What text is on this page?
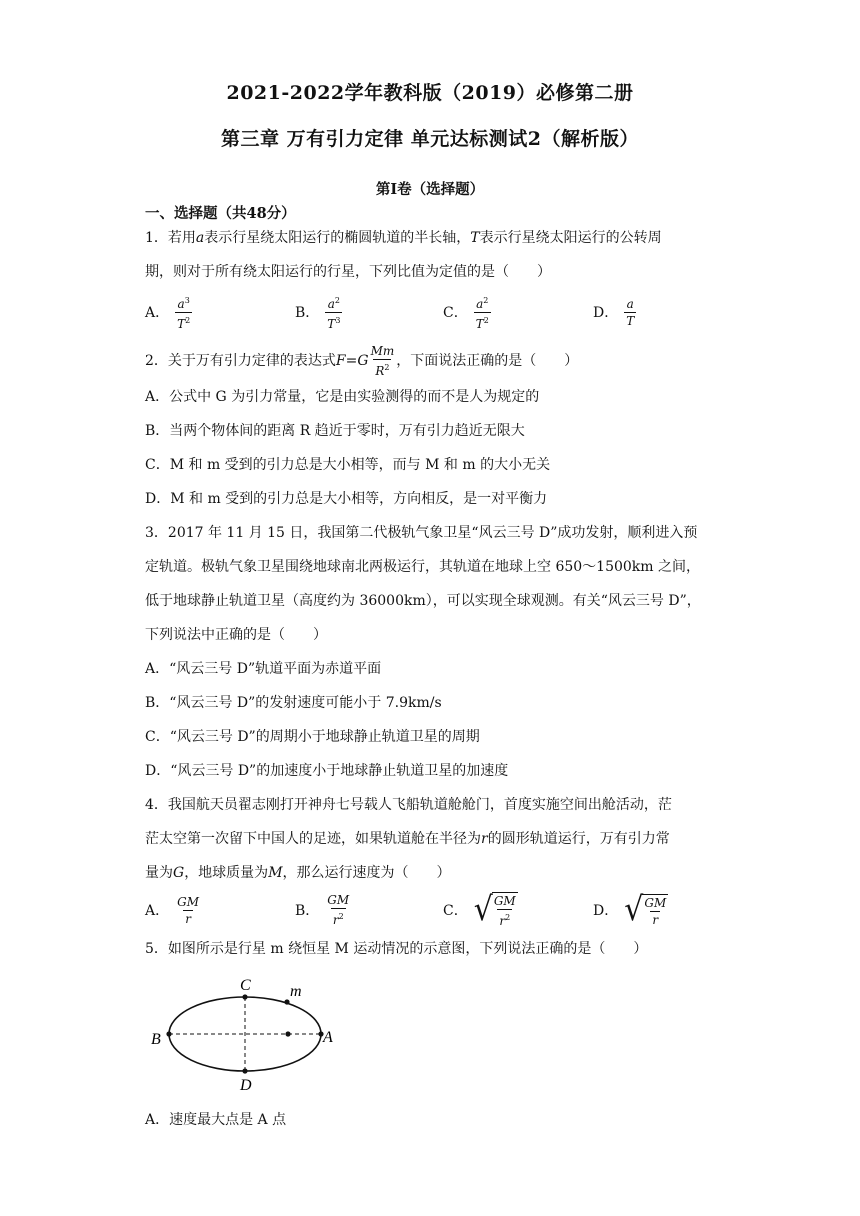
2021-2022学年教科版（2019）必修第二册
第三章 万有引力定律 单元达标测试2（解析版）
第I卷（选择题）
一、选择题（共48分）
1．若用a表示行星绕太阳运行的椭圆轨道的半长轴，T表示行星绕太阳运行的公转周
期，则对于所有绕太阳运行的行星，下列比值为定值的是（　　）
A． $\frac{a^3}{T^2}$	B． $\frac{a^2}{T^3}$	C． $\frac{a^2}{T^2}$	D． $\frac{a}{T}$
2．关于万有引力定律的表达式 F = G $\frac{Mm}{R^2}$ ，下面说法正确的是（　　）
A．公式中 G 为引力常量，它是由实验测得的而不是人为规定的
B．当两个物体间的距离 R 趋近于零时，万有引力趋近无限大
C．M 和 m 受到的引力总是大小相等，而与 M 和 m 的大小无关
D．M 和 m 受到的引力总是大小相等，方向相反，是一对平衡力
3．2017 年 11 月 15 日，我国第二代极轨气象卫星“风云三号 D”成功发射，顺利进入预
定轨道。极轨气象卫星围绕地球南北两极运行，其轨道在地球上空 650～1500km 之间，
低于地球静止轨道卫星（高度约为 36000km），可以实现全球观测。有关“风云三号 D”，
下列说法中正确的是（　　）
A．“风云三号 D”轨道平面为赤道平面
B．“风云三号 D”的发射速度可能小于 7.9km/s
C．“风云三号 D”的周期小于地球静止轨道卫星的周期
D．“风云三号 D”的加速度小于地球静止轨道卫星的加速度
4．我国航天员翟志刚打开神舟七号载人飞船轨道舱舱门，首度实施空间出舱活动，茫
茫太空第一次留下中国人的足迹，如果轨道舱在半径为r的圆形轨道运行，万有引力常
量为G，地球质量为M，那么运行速度为（　　）
A． $\frac{GM}{r}$	B． $\frac{GM}{r^2}$	C． √ $\frac{GM}{r^2}$	D． √ $\frac{GM}{r}$
5．如图所示是行星 m 绕恒星 M 运动情况的示意图，下列说法正确的是（　　）
B	A
C
D
m
A．速度最大点是 A 点
